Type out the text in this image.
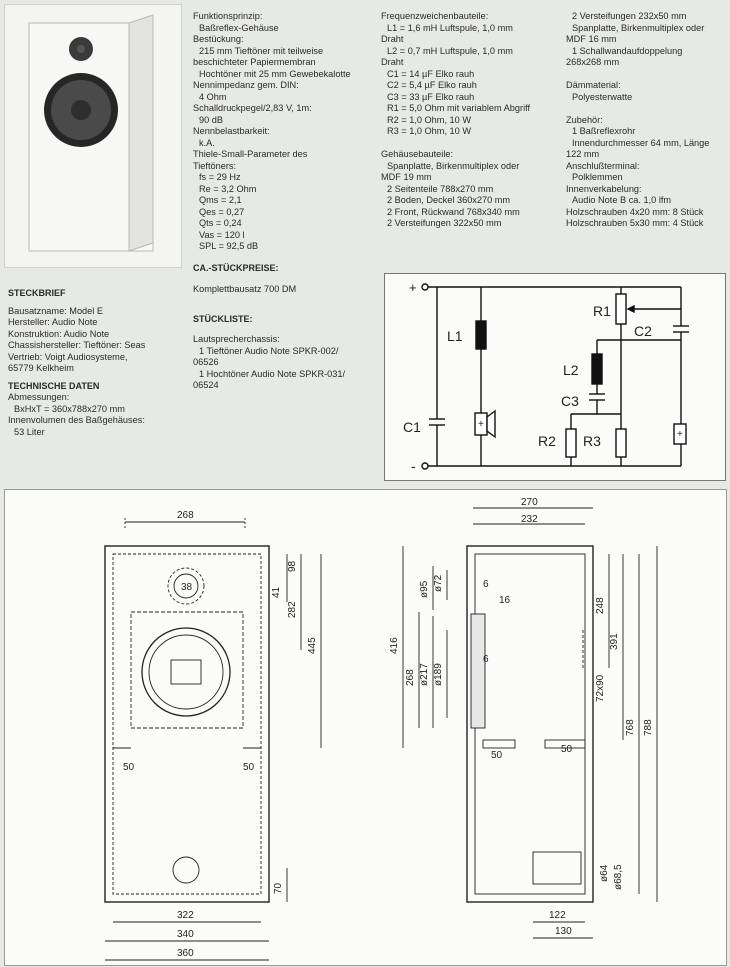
STECKBRIEF
Bausatzname: Model E
Hersteller: Audio Note
Konstruktion: Audio Note
Chassishersteller: Tieftöner: Seas
Vertrieb: Voigt Audiosysteme,
65779 Kelkheim
TECHNISCHE DATEN
Abmessungen:
BxHxT = 360x788x270 mm
Innenvolumen des Baßgehäuses:
53 Liter
Funktionsprinzip:
Baßreflex-Gehäuse
Bestückung:
215 mm Tieftöner mit teilweise
beschichteter Papiermembran
Hochtöner mit 25 mm Gewebekalotte
Nennimpedanz gem. DIN:
4 Ohm
Schalldruckpegel/2,83 V, 1m:
90 dB
Nennbelastbarkeit:
k.A.
Thiele-Small-Parameter des
Tieftöners:
fs = 29 Hz
Re = 3,2 Ohm
Qms = 2,1
Qes = 0,27
Qts = 0,24
Vas = 120 l
SPL = 92,5 dB
CA.-STÜCKPREISE:
Komplettbausatz 700 DM
STÜCKLISTE:
Lautsprecherchassis:
1 Tieftöner Audio Note SPKR-002/
06526
1 Hochtöner Audio Note SPKR-031/
06524
Frequenzweichenbauteile:
L1 = 1,6 mH Luftspule, 1,0 mm
Draht
L2 = 0,7 mH Luftspule, 1,0 mm
Draht
C1 = 14 µF Elko rauh
C2 = 5,4 µF Elko rauh
C3 = 33 µF Elko rauh
R1 = 5,0 Ohm mit variablem Abgriff
R2 = 1,0 Ohm, 10 W
R3 = 1,0 Ohm, 10 W
Gehäusebauteile:
Spanplatte, Birkenmultiplex oder
MDF 19 mm
2 Seitenteile 788x270 mm
2 Boden, Deckel 360x270 mm
2 Front, Rückwand 768x340 mm
2 Versteifungen 322x50 mm
2 Versteifungen 232x50 mm
Spanplatte, Birkenmultiplex oder
MDF 16 mm
1 Schallwandaufdoppelung
268x268 mm
Dämmaterial:
Polyesterwatte
Zubehör:
1 Baßreflexrohr
Innendurchmesser 64 mm, Länge
122 mm
Anschlußterminal:
Polklemmen
Innenverkabelung:
Audio Note B ca. 1,0 lfm
Holzschrauben 4x20 mm: 8 Stück
Holzschrauben 5x30 mm: 4 Stück
+
-
C1	+
L1
R1
C2
L2
C3
R2 R3	+
268
38	41
98
282
445
50	50
70
322
340
360
270
232
416
268 ø217 ø189
ø95 ø72	6
16
6
248
391
72x90
768 788
50
50
ø64 ø68,5
122
130
